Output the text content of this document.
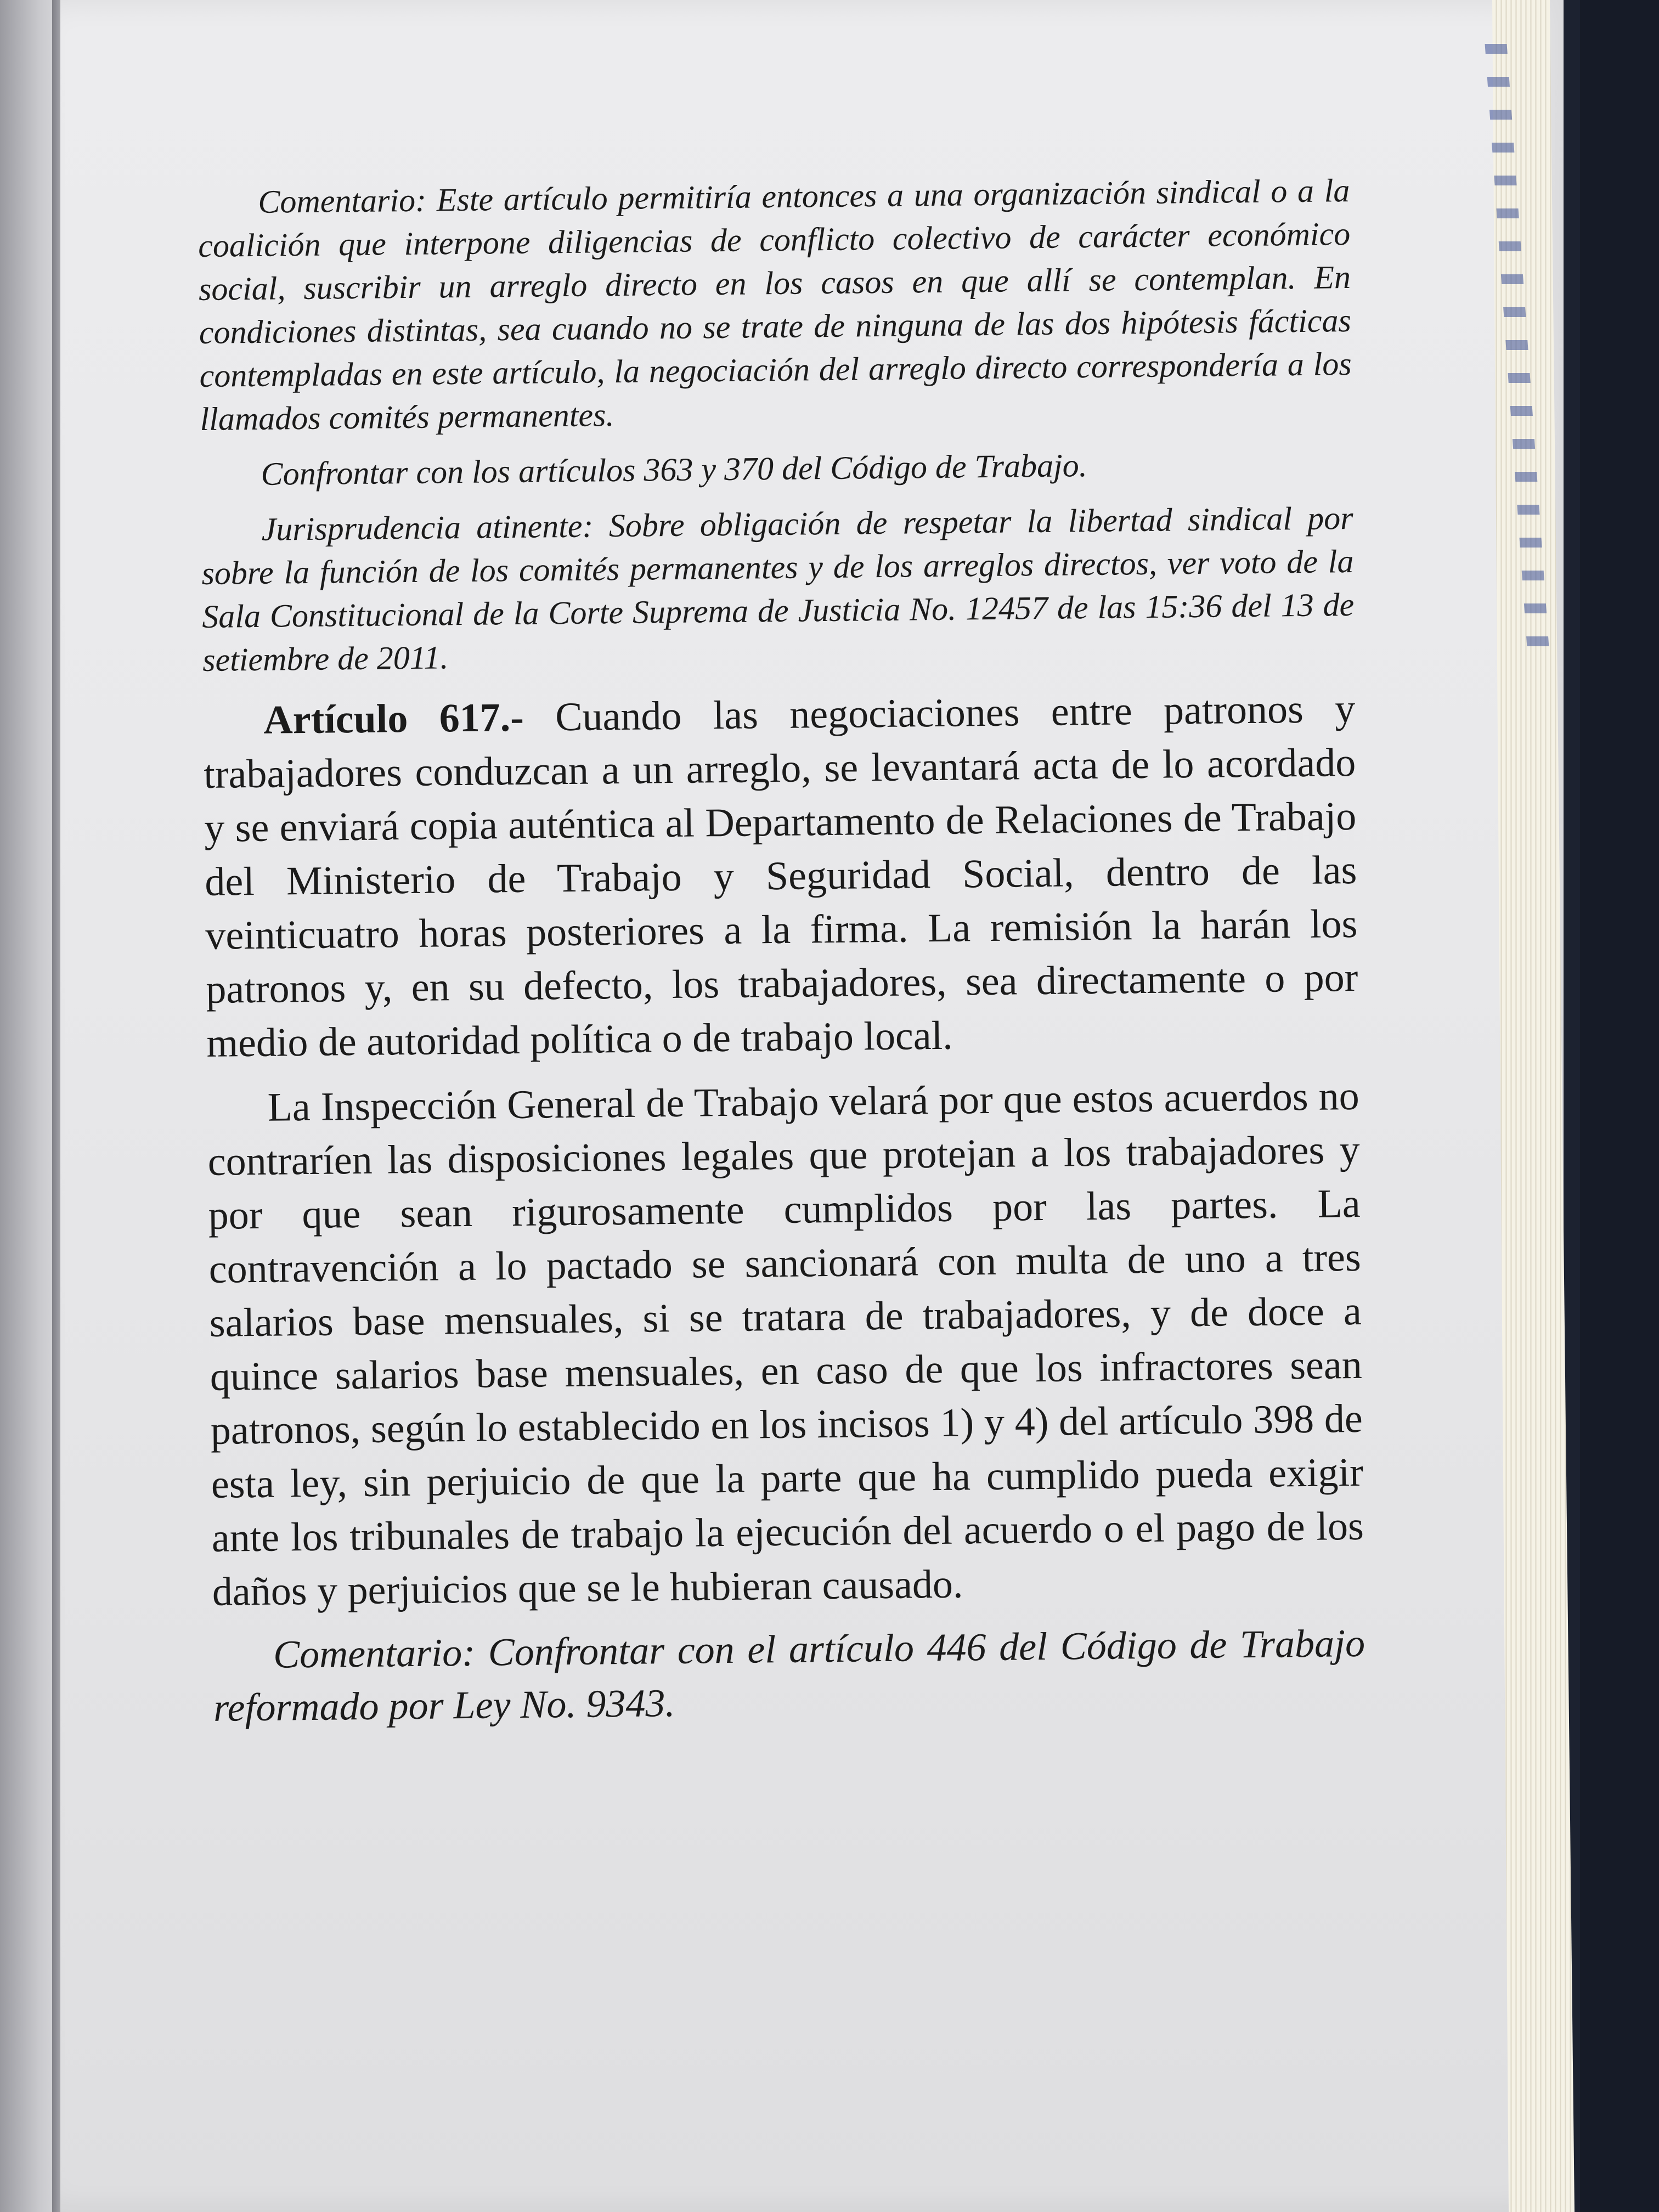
Comentario: Este artículo permitiría entonces a una organización sindical o a la coalición que interpone diligencias de conflicto colectivo de carácter económico social, suscribir un arreglo directo en los casos en que allí se contemplan. En condiciones distintas, sea cuando no se trate de ninguna de las dos hipótesis fácticas contempladas en este artículo, la negociación del arreglo directo correspondería a los llamados comités permanentes.

Confrontar con los artículos 363 y 370 del Código de Trabajo.

Jurisprudencia atinente: Sobre obligación de respetar la libertad sindical por sobre la función de los comités permanentes y de los arreglos directos, ver voto de la Sala Constitucional de la Corte Suprema de Justicia No. 12457 de las 15:36 del 13 de setiembre de 2011.

Artículo 617.- Cuando las negociaciones entre patronos y trabajadores conduzcan a un arreglo, se levantará acta de lo acordado y se enviará copia auténtica al Departamento de Relaciones de Trabajo del Ministerio de Trabajo y Seguridad Social, dentro de las veinticuatro horas posteriores a la firma. La remisión la harán los patronos y, en su defecto, los trabajadores, sea directamente o por medio de autoridad política o de trabajo local.

La Inspección General de Trabajo velará por que estos acuerdos no contraríen las disposiciones legales que protejan a los trabajadores y por que sean rigurosamente cumplidos por las partes. La contravención a lo pactado se sancionará con multa de uno a tres salarios base mensuales, si se tratara de trabajadores, y de doce a quince salarios base mensuales, en caso de que los infractores sean patronos, según lo establecido en los incisos 1) y 4) del artículo 398 de esta ley, sin perjuicio de que la parte que ha cumplido pueda exigir ante los tribunales de trabajo la ejecución del acuerdo o el pago de los daños y perjuicios que se le hubieran causado.

Comentario: Confrontar con el artículo 446 del Código de Trabajo reformado por Ley No. 9343.
